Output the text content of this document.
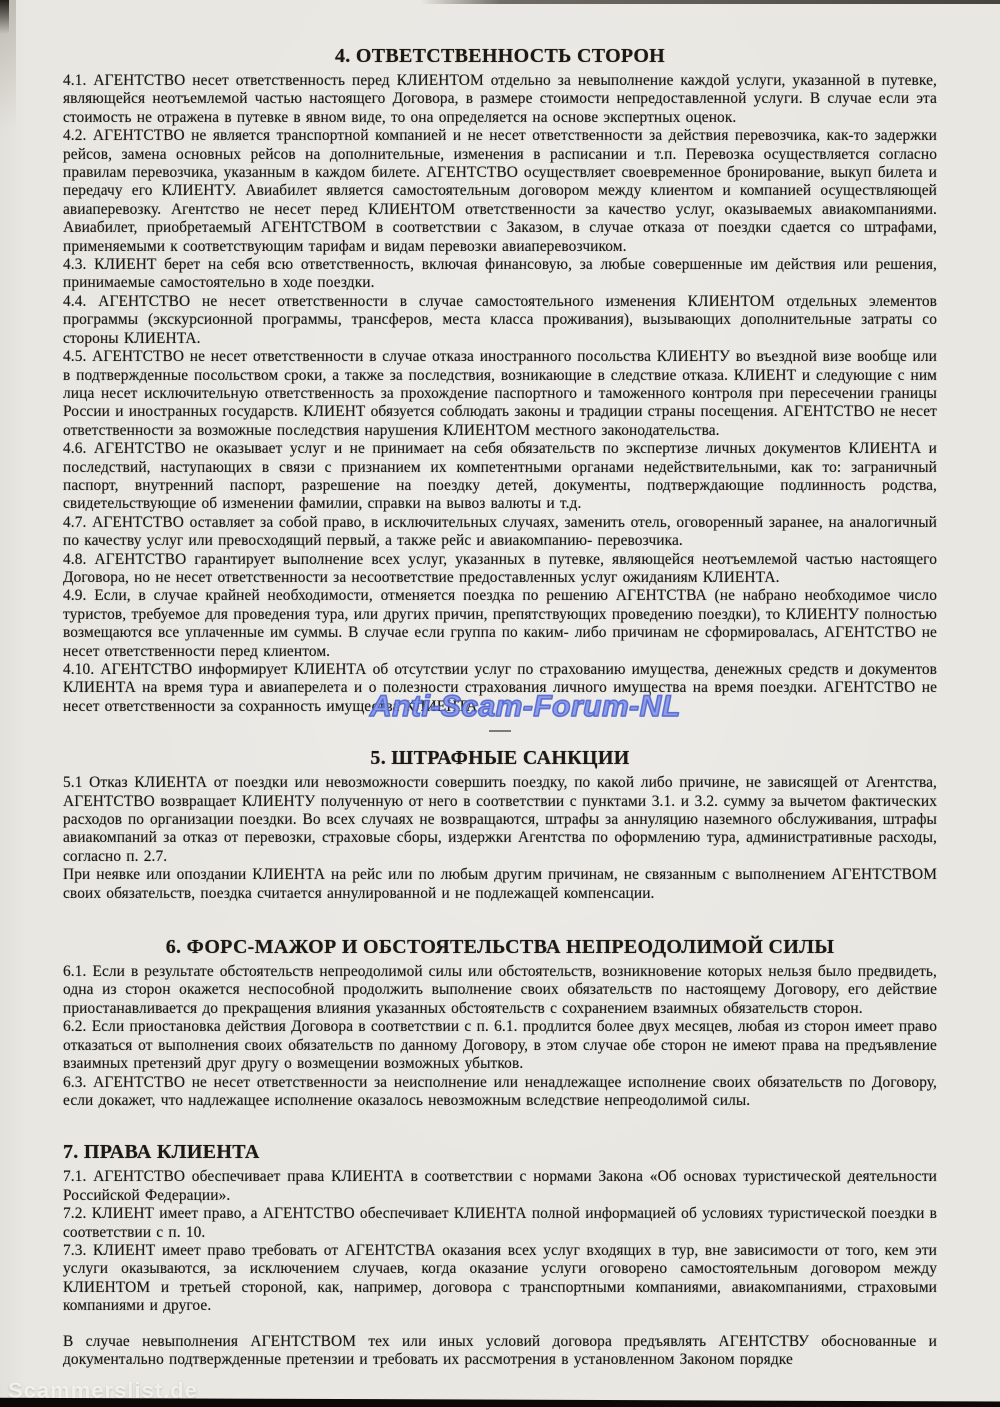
4. ОТВЕТСТВЕННОСТЬ СТОРОН

4.1. АГЕНТСТВО несет ответственность перед КЛИЕНТОМ отдельно за невыполнение каждой услуги, указанной в путевке, являющейся неотъемлемой частью настоящего Договора, в размере стоимости непредоставленной услуги. В случае если эта стоимость не отражена в путевке в явном виде, то она определяется на основе экспертных оценок.

4.2. АГЕНТСТВО не является транспортной компанией и не несет ответственности за действия перевозчика, как-то задержки рейсов, замена основных рейсов на дополнительные, изменения в расписании и т.п. Перевозка осуществляется согласно правилам перевозчика, указанным в каждом билете. АГЕНТСТВО осуществляет своевременное бронирование, выкуп билета и передачу его КЛИЕНТУ. Авиабилет является самостоятельным договором между клиентом и компанией осуществляющей авиаперевозку. Агентство не несет перед КЛИЕНТОМ ответственности за качество услуг, оказываемых авиакомпаниями. Авиабилет, приобретаемый АГЕНТСТВОМ в соответствии с Заказом, в случае отказа от поездки сдается со штрафами, применяемыми к соответствующим тарифам и видам перевозки авиаперевозчиком.

4.3. КЛИЕНТ берет на себя всю ответственность, включая финансовую, за любые совершенные им действия или решения, принимаемые самостоятельно в ходе поездки.

4.4. АГЕНТСТВО не несет ответственности в случае самостоятельного изменения КЛИЕНТОМ отдельных элементов программы (экскурсионной программы, трансферов, места класса проживания), вызывающих дополнительные затраты со стороны КЛИЕНТА.

4.5. АГЕНТСТВО не несет ответственности в случае отказа иностранного посольства КЛИЕНТУ во въездной визе вообще или в подтвержденные посольством сроки, а также за последствия, возникающие в следствие отказа. КЛИЕНТ и следующие с ним лица несет исключительную ответственность за прохождение паспортного и таможенного контроля при пересечении границы России и иностранных государств. КЛИЕНТ обязуется соблюдать законы и традиции страны посещения. АГЕНТСТВО не несет ответственности за возможные последствия нарушения КЛИЕНТОМ местного законодательства.

4.6. АГЕНТСТВО не оказывает услуг и не принимает на себя обязательств по экспертизе личных документов КЛИЕНТА и последствий, наступающих в связи с признанием их компетентными органами недействительными, как то: заграничный паспорт, внутренний паспорт, разрешение на поездку детей, документы, подтверждающие подлинность родства, свидетельствующие об изменении фамилии, справки на вывоз валюты и т.д.

4.7. АГЕНТСТВО оставляет за собой право, в исключительных случаях, заменить отель, оговоренный заранее, на аналогичный по качеству услуг или превосходящий первый, а также рейс и авиакомпанию- перевозчика.

4.8. АГЕНТСТВО гарантирует выполнение всех услуг, указанных в путевке, являющейся неотъемлемой частью настоящего Договора, но не несет ответственности за несоответствие предоставленных услуг ожиданиям КЛИЕНТА.

4.9. Если, в случае крайней необходимости, отменяется поездка по решению АГЕНТСТВА (не набрано необходимое число туристов, требуемое для проведения тура, или других причин, препятствующих проведению поездки), то КЛИЕНТУ полностью возмещаются все уплаченные им суммы. В случае если группа по каким- либо причинам не сформировалась, АГЕНТСТВО не несет ответственности перед клиентом.

4.10. АГЕНТСТВО информирует КЛИЕНТА об отсутствии услуг по страхованию имущества, денежных средств и документов КЛИЕНТА на время тура и авиаперелета и о полезности страхования личного имущества на время поездки. АГЕНТСТВО не несет ответственности за сохранность имущества КЛИЕНТА.

Anti-Scam-Forum-NL
5. ШТРАФНЫЕ САНКЦИИ

5.1 Отказ КЛИЕНТА от поездки или невозможности совершить поездку, по какой либо причине, не зависящей от Агентства, АГЕНТСТВО возвращает КЛИЕНТУ полученную от него в соответствии с пунктами 3.1. и 3.2. сумму за вычетом фактических расходов по организации поездки. Во всех случаях не возвращаются, штрафы за аннуляцию наземного обслуживания, штрафы авиакомпаний за отказ от перевозки, страховые сборы, издержки Агентства по оформлению тура, административные расходы, согласно п. 2.7.

При неявке или опоздании КЛИЕНТА на рейс или по любым другим причинам, не связанным с выполнением АГЕНТСТВОМ своих обязательств, поездка считается аннулированной и не подлежащей компенсации.

6. ФОРС-МАЖОР И ОБСТОЯТЕЛЬСТВА НЕПРЕОДОЛИМОЙ СИЛЫ

6.1. Если в результате обстоятельств непреодолимой силы или обстоятельств, возникновение которых нельзя было предвидеть, одна из сторон окажется неспособной продолжить выполнение своих обязательств по настоящему Договору, его действие приостанавливается до прекращения влияния указанных обстоятельств с сохранением взаимных обязательств сторон.

6.2. Если приостановка действия Договора в соответствии с п. 6.1. продлится более двух месяцев, любая из сторон имеет право отказаться от выполнения своих обязательств по данному Договору, в этом случае обе сторон не имеют права на предъявление взаимных претензий друг другу о возмещении возможных убытков.

6.3. АГЕНТСТВО не несет ответственности за неисполнение или ненадлежащее исполнение своих обязательств по Договору, если докажет, что надлежащее исполнение оказалось невозможным вследствие непреодолимой силы.

7. ПРАВА КЛИЕНТА

7.1. АГЕНТСТВО обеспечивает права КЛИЕНТА в соответствии с нормами Закона «Об основах туристической деятельности Российской Федерации».

7.2. КЛИЕНТ имеет право, а АГЕНТСТВО обеспечивает КЛИЕНТА полной информацией об условиях туристической поездки в соответствии с п. 10.

7.3. КЛИЕНТ имеет право требовать от АГЕНТСТВА оказания всех услуг входящих в тур, вне зависимости от того, кем эти услуги оказываются, за исключением случаев, когда оказание услуги оговорено самостоятельным договором между КЛИЕНТОМ и третьей стороной, как, например, договора с транспортными компаниями, авиакомпаниями, страховыми компаниями и другое.

В случае невыполнения АГЕНТСТВОМ тех или иных условий договора предъявлять АГЕНТСТВУ обоснованные и документально подтвержденные претензии и требовать их рассмотрения в установленном Законом порядке

Scammerslist.de
